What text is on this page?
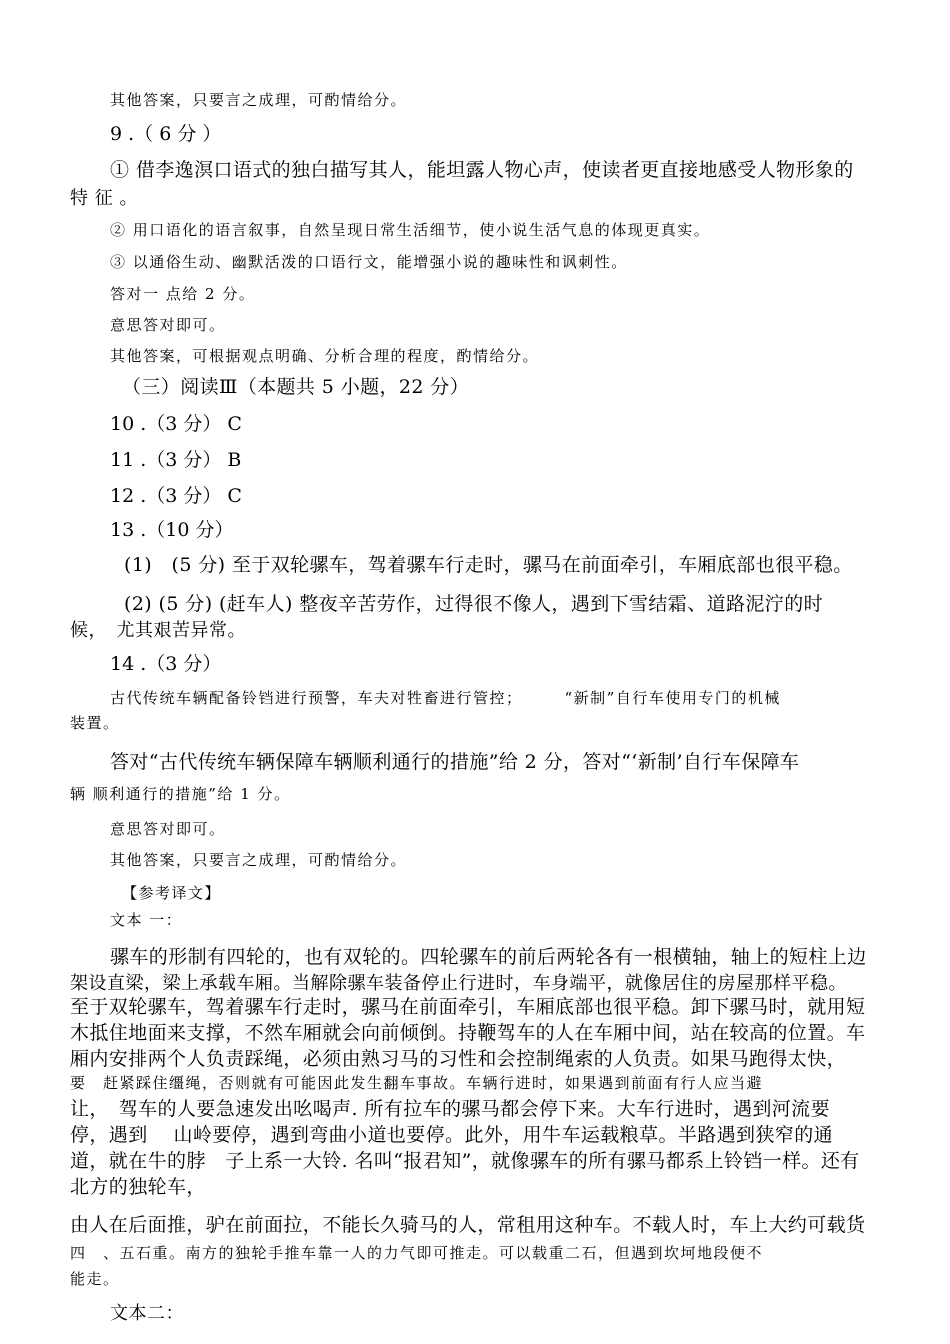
其他答案，只要言之成理，可酌情给分。
9 .（ 6 分 ）
① 借李逸溟口语式的独白描写其人，能坦露人物心声，使读者更直接地感受人物形象的
特 征 。
② 用口语化的语言叙事，自然呈现日常生活细节，使小说生活气息的体现更真实。
③ 以通俗生动、幽默活泼的口语行文，能增强小说的趣味性和讽刺性。
答对一 点给 2 分。
意思答对即可。
其他答案，可根据观点明确、分析合理的程度，酌情给分。
（三）阅读Ⅲ（本题共 5 小题，22 分）
10 .（3 分） C
11 .（3 分） B
12 .（3 分） C
13 .（10 分）
(1)　(5 分) 至于双轮骡车，驾着骡车行走时，骡马在前面牵引，车厢底部也很平稳。
(2) (5 分) (赶车人) 整夜辛苦劳作，过得很不像人，遇到下雪结霜、道路泥泞的时
候，　尤其艰苦异常。
14 .（3 分）
古代传统车辆配备铃铛进行预警，车夫对牲畜进行管控；　　　“新制”自行车使用专门的机械
装置。
答对“古代传统车辆保障车辆顺利通行的措施”给 2 分，答对“‘新制’自行车保障车
辆 顺利通行的措施”给 1 分。
意思答对即可。
其他答案，只要言之成理，可酌情给分。
【参考译文】
文本 一：
骡车的形制有四轮的，也有双轮的。四轮骡车的前后两轮各有一根横轴，轴上的短柱上边
架设直梁，梁上承载车厢。当解除骡车装备停止行进时，车身端平，就像居住的房屋那样平稳。
至于双轮骡车，驾着骡车行走时，骡马在前面牵引，车厢底部也很平稳。卸下骡马时，就用短
木抵住地面来支撑，不然车厢就会向前倾倒。持鞭驾车的人在车厢中间，站在较高的位置。车
厢内安排两个人负责踩绳，必须由熟习马的习性和会控制绳索的人负责。如果马跑得太快，
要　赶紧踩住缰绳，否则就有可能因此发生翻车事故。车辆行进时，如果遇到前面有行人应当避
让，　驾车的人要急速发出吆喝声. 所有拉车的骡马都会停下来。大车行进时，遇到河流要
停，遇到　 山岭要停，遇到弯曲小道也要停。此外，用牛车运载粮草。半路遇到狭窄的通
道，就在牛的脖　子上系一大铃. 名叫“报君知”，就像骡车的所有骡马都系上铃铛一样。还有
北方的独轮车，
由人在后面推，驴在前面拉，不能长久骑马的人，常租用这种车。不载人时，车上大约可载货
四　、五石重。南方的独轮手推车靠一人的力气即可推走。可以载重二石，但遇到坎坷地段便不
能走。
文本二：
